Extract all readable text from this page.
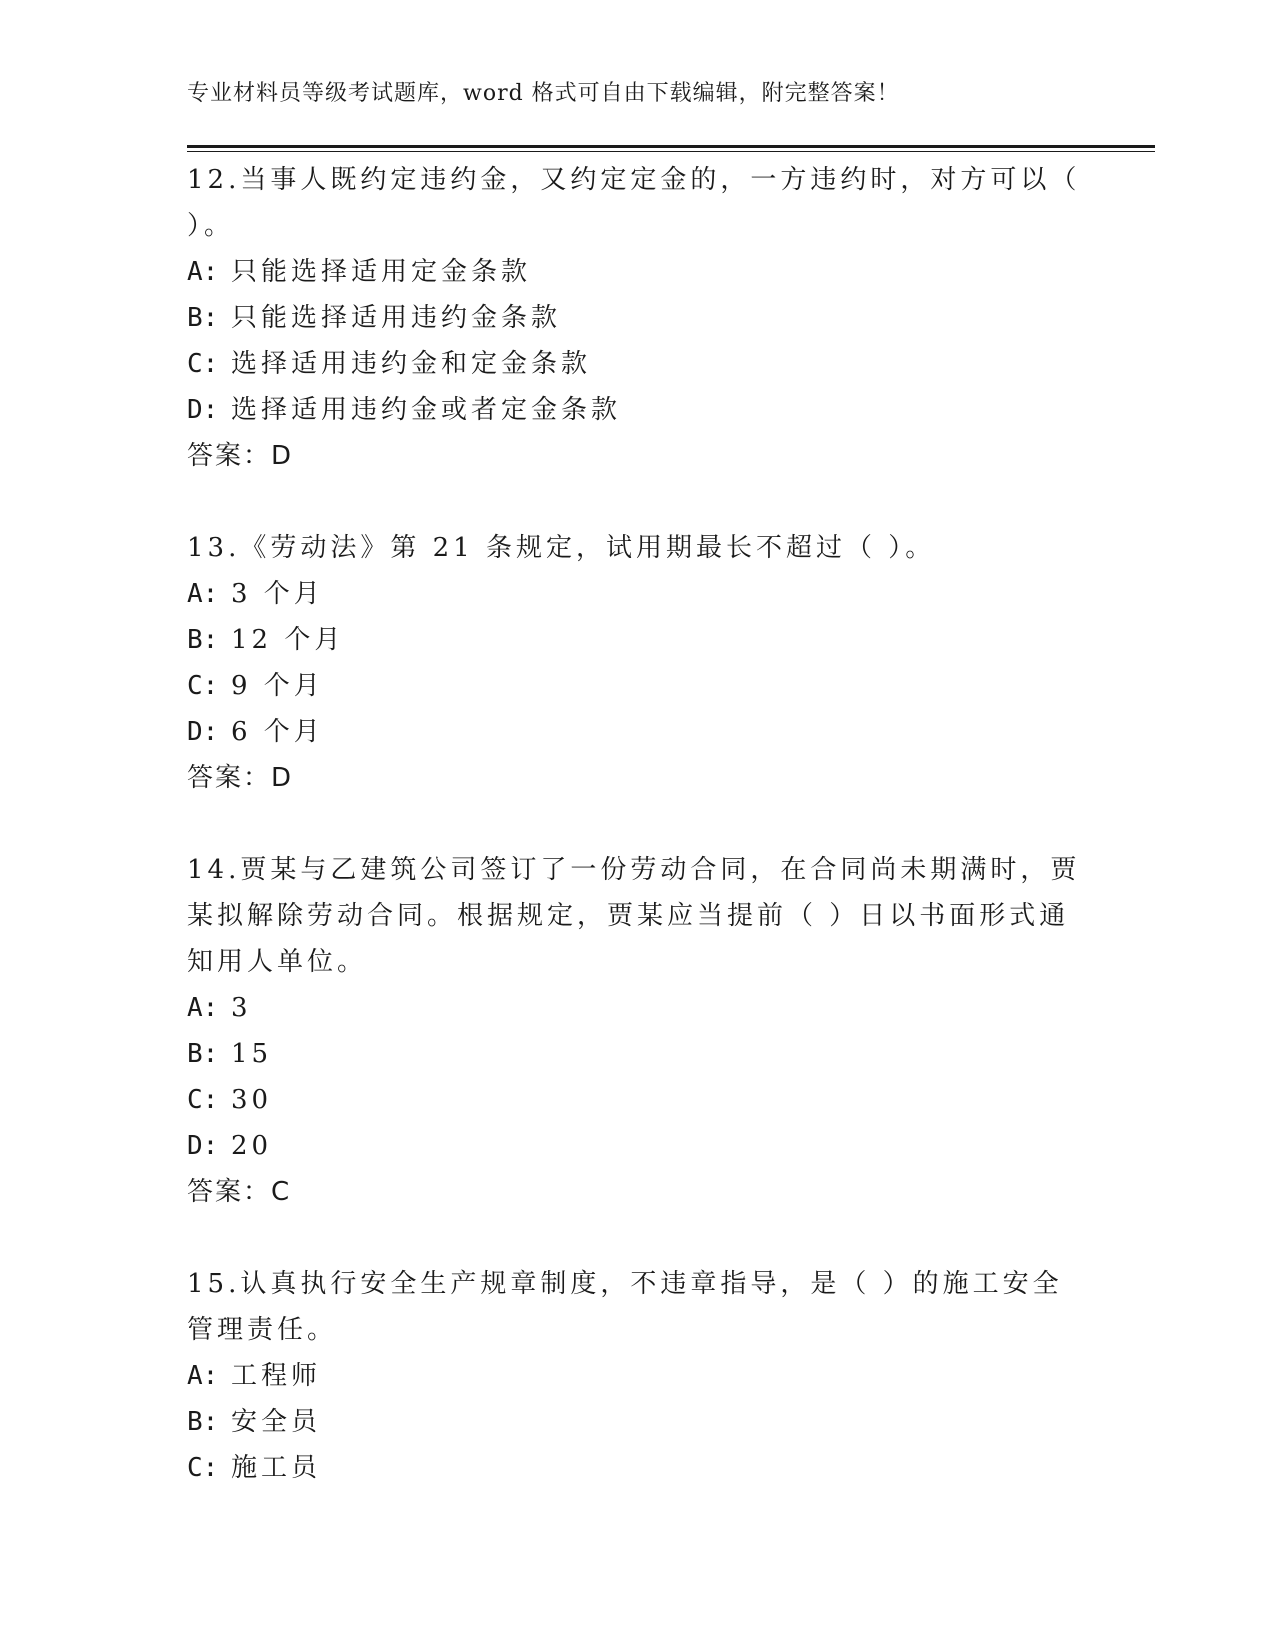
专业材料员等级考试题库，word 格式可自由下载编辑，附完整答案！
12.当事人既约定违约金，又约定定金的，一方违约时，对方可以（ ）。
A: 只能选择适用定金条款
B: 只能选择适用违约金条款
C: 选择适用违约金和定金条款
D: 选择适用违约金或者定金条款
答案：D
13.《劳动法》第 21 条规定，试用期最长不超过（ ）。
A: 3 个月
B: 12 个月
C: 9 个月
D: 6 个月
答案：D
14.贾某与乙建筑公司签订了一份劳动合同，在合同尚未期满时，贾某拟解除劳动合同。根据规定，贾某应当提前（ ）日以书面形式通知用人单位。
A: 3
B: 15
C: 30
D: 20
答案：C
15.认真执行安全生产规章制度，不违章指导，是（ ）的施工安全管理责任。
A: 工程师
B: 安全员
C: 施工员
